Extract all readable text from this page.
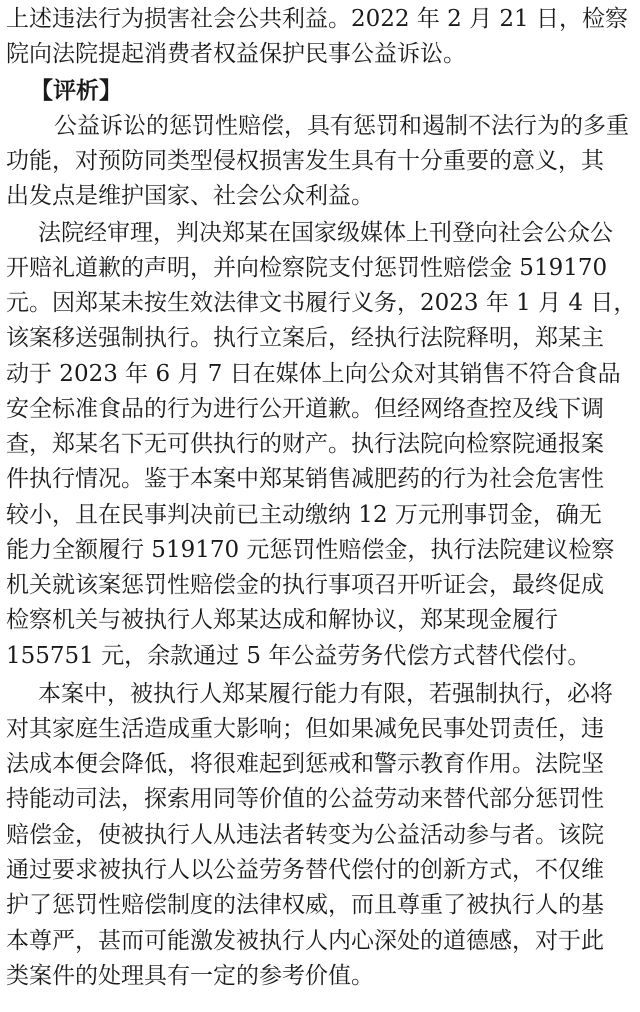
上述违法行为损害社会公共利益。2022 年 2 月 21 日，检察
院向法院提起消费者权益保护民事公益诉讼。
【评析】
公益诉讼的惩罚性赔偿，具有惩罚和遏制不法行为的多重
功能，对预防同类型侵权损害发生具有十分重要的意义，其
出发点是维护国家、社会公众利益。
法院经审理，判决郑某在国家级媒体上刊登向社会公众公
开赔礼道歉的声明，并向检察院支付惩罚性赔偿金 519170
元。因郑某未按生效法律文书履行义务，2023 年 1 月 4 日，
该案移送强制执行。执行立案后，经执行法院释明，郑某主
动于 2023 年 6 月 7 日在媒体上向公众对其销售不符合食品
安全标准食品的行为进行公开道歉。但经网络查控及线下调
查，郑某名下无可供执行的财产。执行法院向检察院通报案
件执行情况。鉴于本案中郑某销售减肥药的行为社会危害性
较小，且在民事判决前已主动缴纳 12 万元刑事罚金，确无
能力全额履行 519170 元惩罚性赔偿金，执行法院建议检察
机关就该案惩罚性赔偿金的执行事项召开听证会，最终促成
检察机关与被执行人郑某达成和解协议，郑某现金履行
155751 元，余款通过 5 年公益劳务代偿方式替代偿付。
本案中，被执行人郑某履行能力有限，若强制执行，必将
对其家庭生活造成重大影响；但如果减免民事处罚责任，违
法成本便会降低，将很难起到惩戒和警示教育作用。法院坚
持能动司法，探索用同等价值的公益劳动来替代部分惩罚性
赔偿金，使被执行人从违法者转变为公益活动参与者。该院
通过要求被执行人以公益劳务替代偿付的创新方式，不仅维
护了惩罚性赔偿制度的法律权威，而且尊重了被执行人的基
本尊严，甚而可能激发被执行人内心深处的道德感，对于此
类案件的处理具有一定的参考价值。
